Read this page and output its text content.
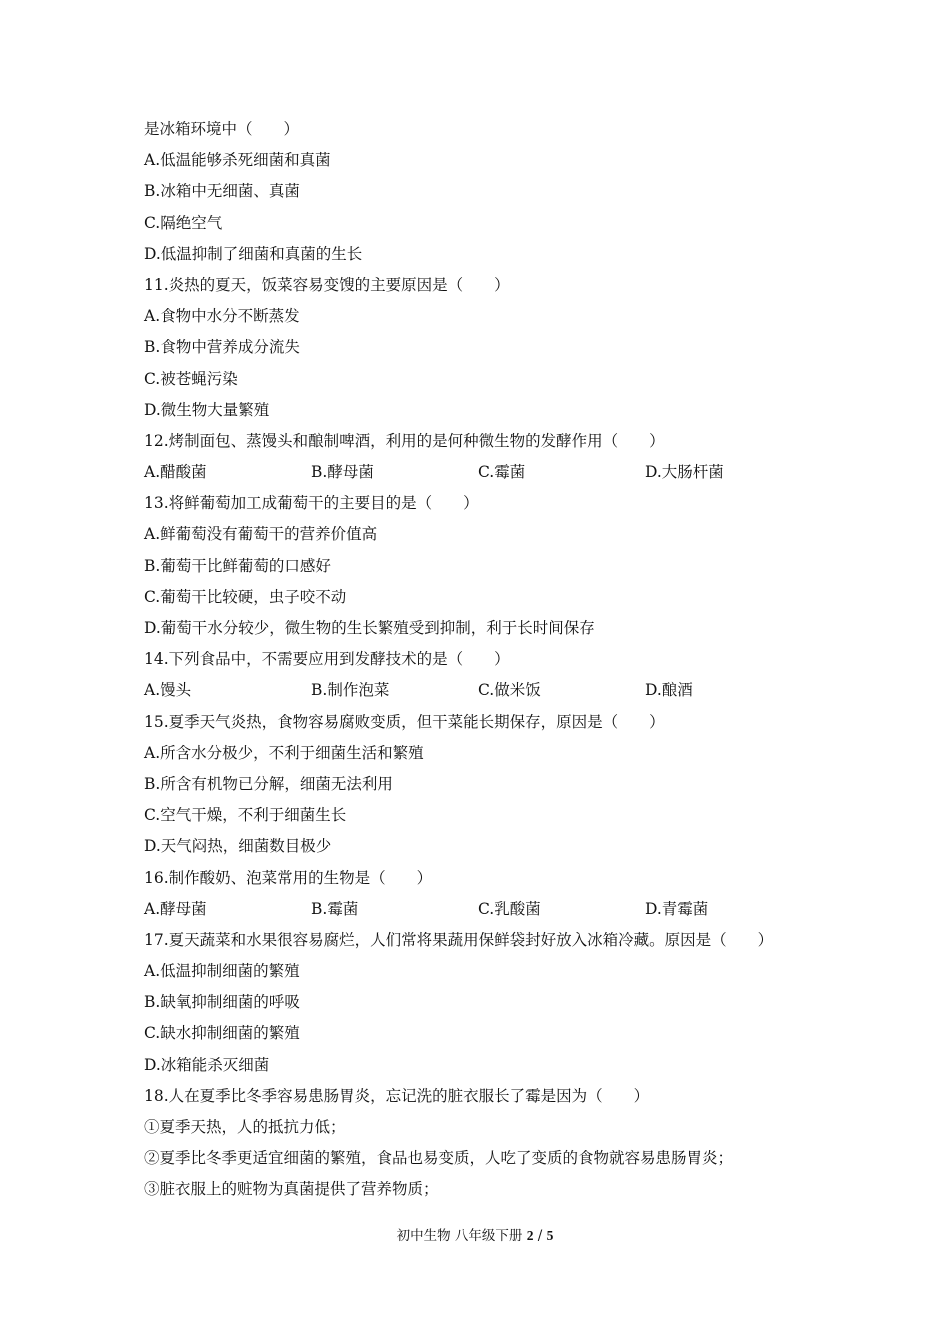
是冰箱环境中（　　）
A.低温能够杀死细菌和真菌
B.冰箱中无细菌、真菌
C.隔绝空气
D.低温抑制了细菌和真菌的生长
11.炎热的夏天，饭菜容易变馊的主要原因是（　　）
A.食物中水分不断蒸发
B.食物中营养成分流失
C.被苍蝇污染
D.微生物大量繁殖
12.烤制面包、蒸馒头和酿制啤酒，利用的是何种微生物的发酵作用（　　）
A.醋酸菌	B.酵母菌	C.霉菌	D.大肠杆菌
13.将鲜葡萄加工成葡萄干的主要目的是（　　）
A.鲜葡萄没有葡萄干的营养价值高
B.葡萄干比鲜葡萄的口感好
C.葡萄干比较硬，虫子咬不动
D.葡萄干水分较少，微生物的生长繁殖受到抑制，利于长时间保存
14.下列食品中，不需要应用到发酵技术的是（　　）
A.馒头	B.制作泡菜	C.做米饭	D.酿酒
15.夏季天气炎热，食物容易腐败变质，但干菜能长期保存，原因是（　　）
A.所含水分极少，不利于细菌生活和繁殖
B.所含有机物已分解，细菌无法利用
C.空气干燥，不利于细菌生长
D.天气闷热，细菌数目极少
16.制作酸奶、泡菜常用的生物是（　　）
A.酵母菌	B.霉菌	C.乳酸菌	D.青霉菌
17.夏天蔬菜和水果很容易腐烂，人们常将果蔬用保鲜袋封好放入冰箱冷藏。原因是（　　）
A.低温抑制细菌的繁殖
B.缺氧抑制细菌的呼吸
C.缺水抑制细菌的繁殖
D.冰箱能杀灭细菌
18.人在夏季比冬季容易患肠胃炎，忘记洗的脏衣服长了霉是因为（　　）
①夏季天热，人的抵抗力低；
②夏季比冬季更适宜细菌的繁殖，食品也易变质，人吃了变质的食物就容易患肠胃炎；
③脏衣服上的赃物为真菌提供了营养物质；
初中生物 八年级下册 2 / 5
